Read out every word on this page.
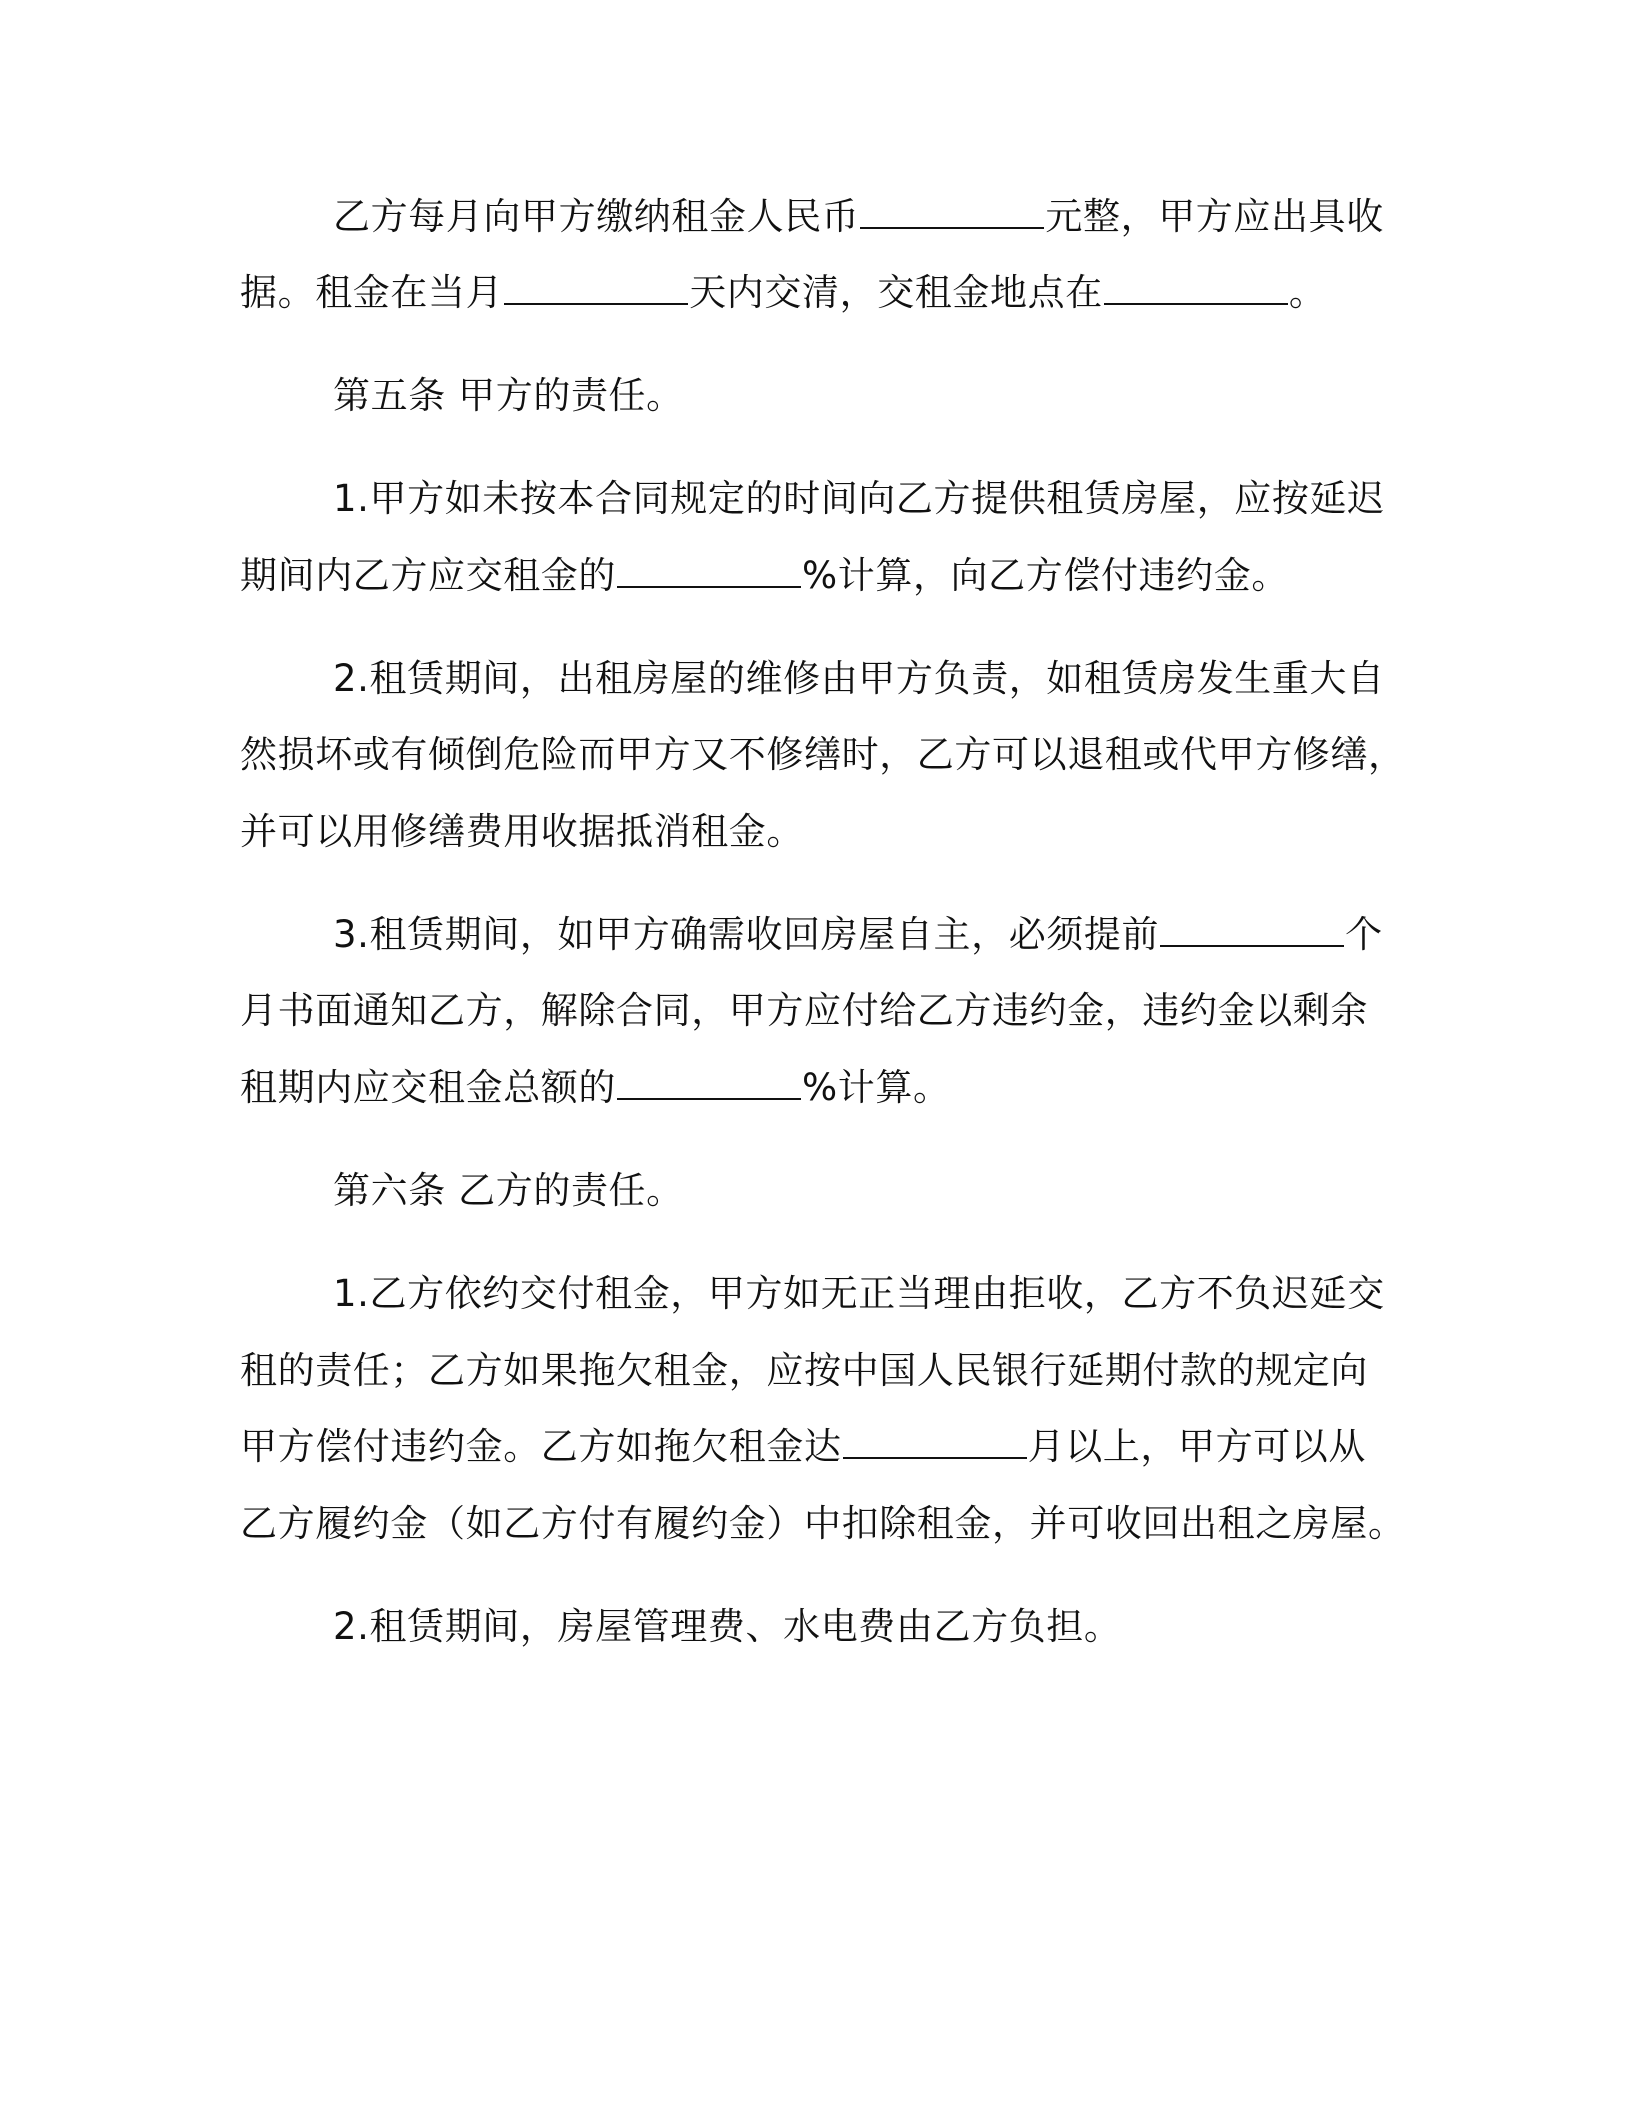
乙方每月向甲方缴纳租金人民币	元整，甲方应出具收
据。租金在当月	天内交清，交租金地点在	。
第五条 甲方的责任。
1.甲方如未按本合同规定的时间向乙方提供租赁房屋，应按延迟
期间内乙方应交租金的	%计算，向乙方偿付违约金。
2.租赁期间，出租房屋的维修由甲方负责，如租赁房发生重大自
然损坏或有倾倒危险而甲方又不修缮时，乙方可以退租或代甲方修缮，
并可以用修缮费用收据抵消租金。
3.租赁期间，如甲方确需收回房屋自主，必须提前	个
月书面通知乙方，解除合同，甲方应付给乙方违约金，违约金以剩余
租期内应交租金总额的	%计算。
第六条 乙方的责任。
1.乙方依约交付租金，甲方如无正当理由拒收，乙方不负迟延交
租的责任；乙方如果拖欠租金，应按中国人民银行延期付款的规定向
甲方偿付违约金。乙方如拖欠租金达	月以上，甲方可以从
乙方履约金（如乙方付有履约金）中扣除租金，并可收回出租之房屋。
2.租赁期间，房屋管理费、水电费由乙方负担。
